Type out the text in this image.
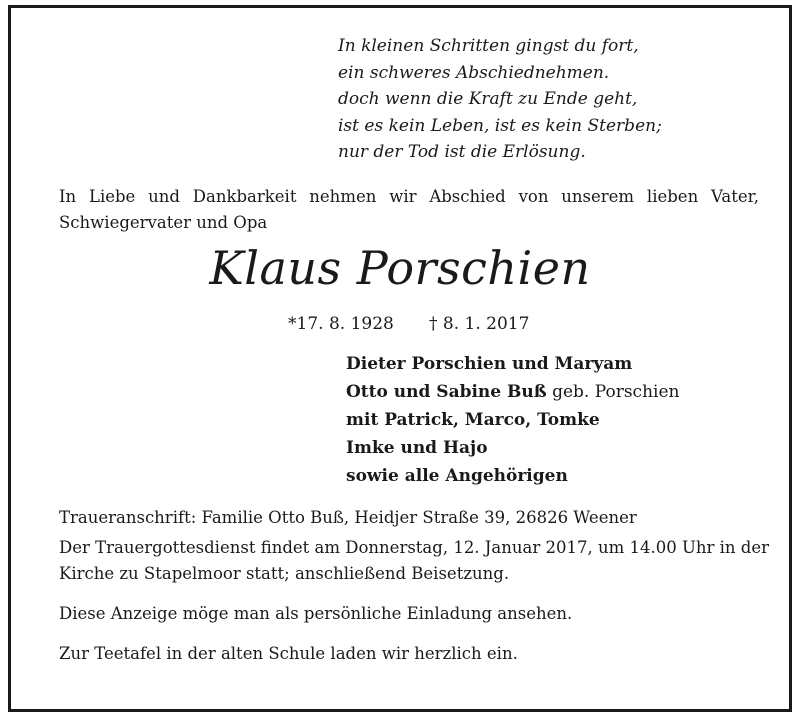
In kleinen Schritten gingst du fort,
ein schweres Abschiednehmen.
doch wenn die Kraft zu Ende geht,
ist es kein Leben, ist es kein Sterben;
nur der Tod ist die Erlösung.
In Liebe und Dankbarkeit nehmen wir Abschied von unserem lieben Vater,
Schwiegervater und Opa
Klaus Porschien
*17. 8. 1928 † 8. 1. 2017
Dieter Porschien und Maryam
Otto und Sabine Buß geb. Porschien
mit Patrick, Marco, Tomke
Imke und Hajo
sowie alle Angehörigen
Traueranschrift: Familie Otto Buß, Heidjer Straße 39, 26826 Weener
Der Trauergottesdienst findet am Donnerstag, 12. Januar 2017, um 14.00 Uhr in der
Kirche zu Stapelmoor statt; anschließend Beisetzung.
Diese Anzeige möge man als persönliche Einladung ansehen.
Zur Teetafel in der alten Schule laden wir herzlich ein.
